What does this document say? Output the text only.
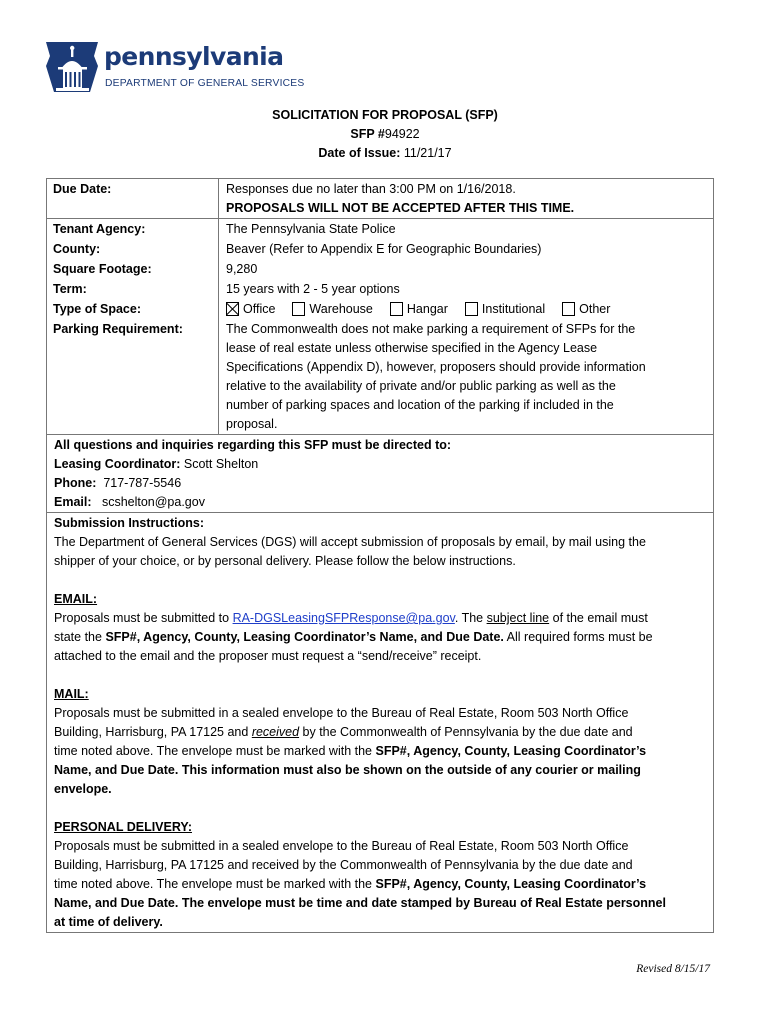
pennsylvania
DEPARTMENT OF GENERAL SERVICES
SOLICITATION FOR PROPOSAL (SFP)
SFP #94922
Date of Issue: 11/21/17
Due Date:	Responses due no later than 3:00 PM on 1/16/2018.
PROPOSALS WILL NOT BE ACCEPTED AFTER THIS TIME.
Tenant Agency:	The Pennsylvania State Police
County:	Beaver (Refer to Appendix E for Geographic Boundaries)
Square Footage:	9,280
Term:	15 years with 2 - 5 year options
Type of Space:	Office	Warehouse	Hangar	Institutional	Other
Parking Requirement:	The Commonwealth does not make parking a requirement of SFPs for the
lease of real estate unless otherwise specified in the Agency Lease
Specifications (Appendix D), however, proposers should provide information
relative to the availability of private and/or public parking as well as the
number of parking spaces and location of the parking if included in the
proposal.
All questions and inquiries regarding this SFP must be directed to:
Leasing Coordinator: Scott Shelton
Phone: 717-787-5546
Email: scshelton@pa.gov
Submission Instructions:
The Department of General Services (DGS) will accept submission of proposals by email, by mail using the
shipper of your choice, or by personal delivery. Please follow the below instructions.
EMAIL:
Proposals must be submitted to RA-DGSLeasingSFPResponse@pa.gov. The subject line of the email must
state the SFP#, Agency, County, Leasing Coordinator’s Name, and Due Date. All required forms must be
attached to the email and the proposer must request a “send/receive” receipt.
MAIL:
Proposals must be submitted in a sealed envelope to the Bureau of Real Estate, Room 503 North Office
Building, Harrisburg, PA 17125 and received by the Commonwealth of Pennsylvania by the due date and
time noted above. The envelope must be marked with the SFP#, Agency, County, Leasing Coordinator’s
Name, and Due Date. This information must also be shown on the outside of any courier or mailing
envelope.
PERSONAL DELIVERY:
Proposals must be submitted in a sealed envelope to the Bureau of Real Estate, Room 503 North Office
Building, Harrisburg, PA 17125 and received by the Commonwealth of Pennsylvania by the due date and
time noted above. The envelope must be marked with the SFP#, Agency, County, Leasing Coordinator’s
Name, and Due Date. The envelope must be time and date stamped by Bureau of Real Estate personnel
at time of delivery.
Revised 8/15/17
